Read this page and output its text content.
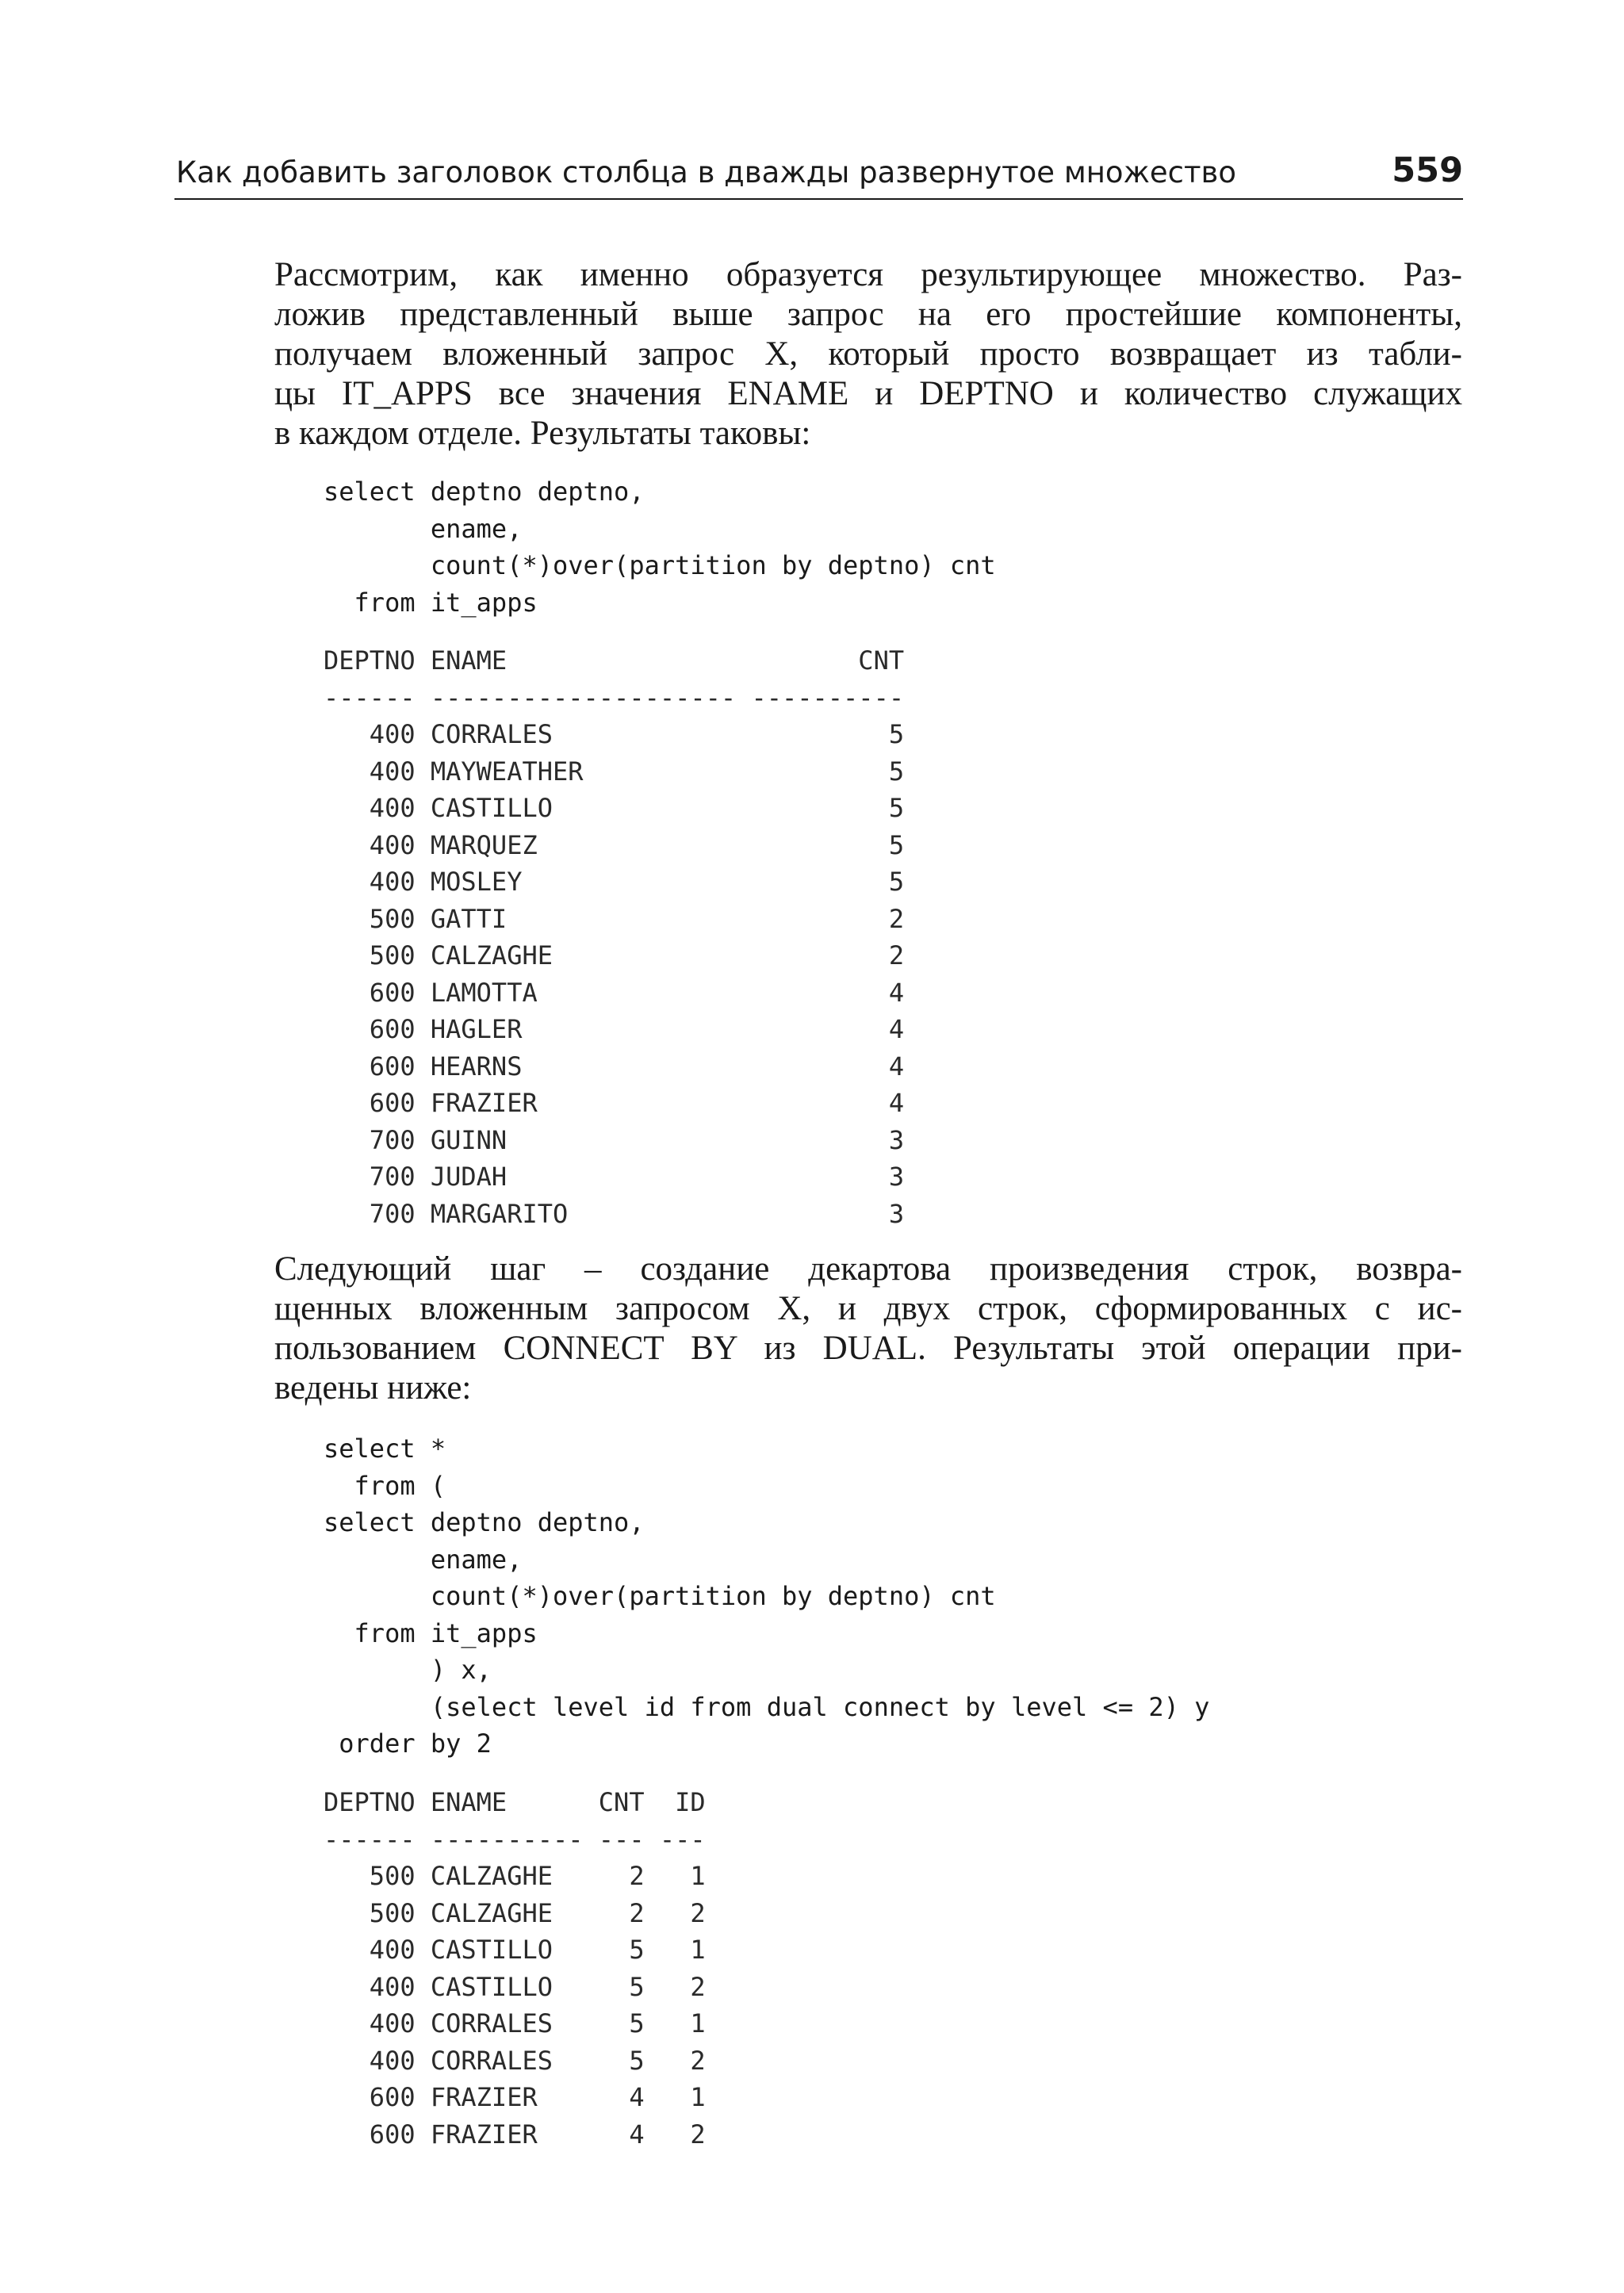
Как добавить заголовок столбца в дважды развернутое множество	559
Рассмотрим, как именно образуется результирующее множество. Раз-
ложив представленный выше запрос на его простейшие компоненты,
получаем вложенный запрос X, который просто возвращает из табли-
цы IT_APPS все значения ENAME и DEPTNO и количество служащих
в каждом отделе. Результаты таковы:
select deptno deptno,
ename,
count(*)over(partition by deptno) cnt
from it_apps
DEPTNO ENAME                       CNT
------ -------------------- ----------
400 CORRALES                      5
400 MAYWEATHER                    5
400 CASTILLO                      5
400 MARQUEZ                       5
400 MOSLEY                        5
500 GATTI                         2
500 CALZAGHE                      2
600 LAMOTTA                       4
600 HAGLER                        4
600 HEARNS                        4
600 FRAZIER                       4
700 GUINN                         3
700 JUDAH                         3
700 MARGARITO                     3
Следующий шаг – создание декартова произведения строк, возвра-
щенных вложенным запросом X, и двух строк, сформированных с ис-
пользованием CONNECT BY из DUAL. Результаты этой операции при-
ведены ниже:
select *
from (
select deptno deptno,
ename,
count(*)over(partition by deptno) cnt
from it_apps
) x,
(select level id from dual connect by level <= 2) y
order by 2
DEPTNO ENAME      CNT  ID
------ ---------- --- ---
500 CALZAGHE     2   1
500 CALZAGHE     2   2
400 CASTILLO     5   1
400 CASTILLO     5   2
400 CORRALES     5   1
400 CORRALES     5   2
600 FRAZIER      4   1
600 FRAZIER      4   2
